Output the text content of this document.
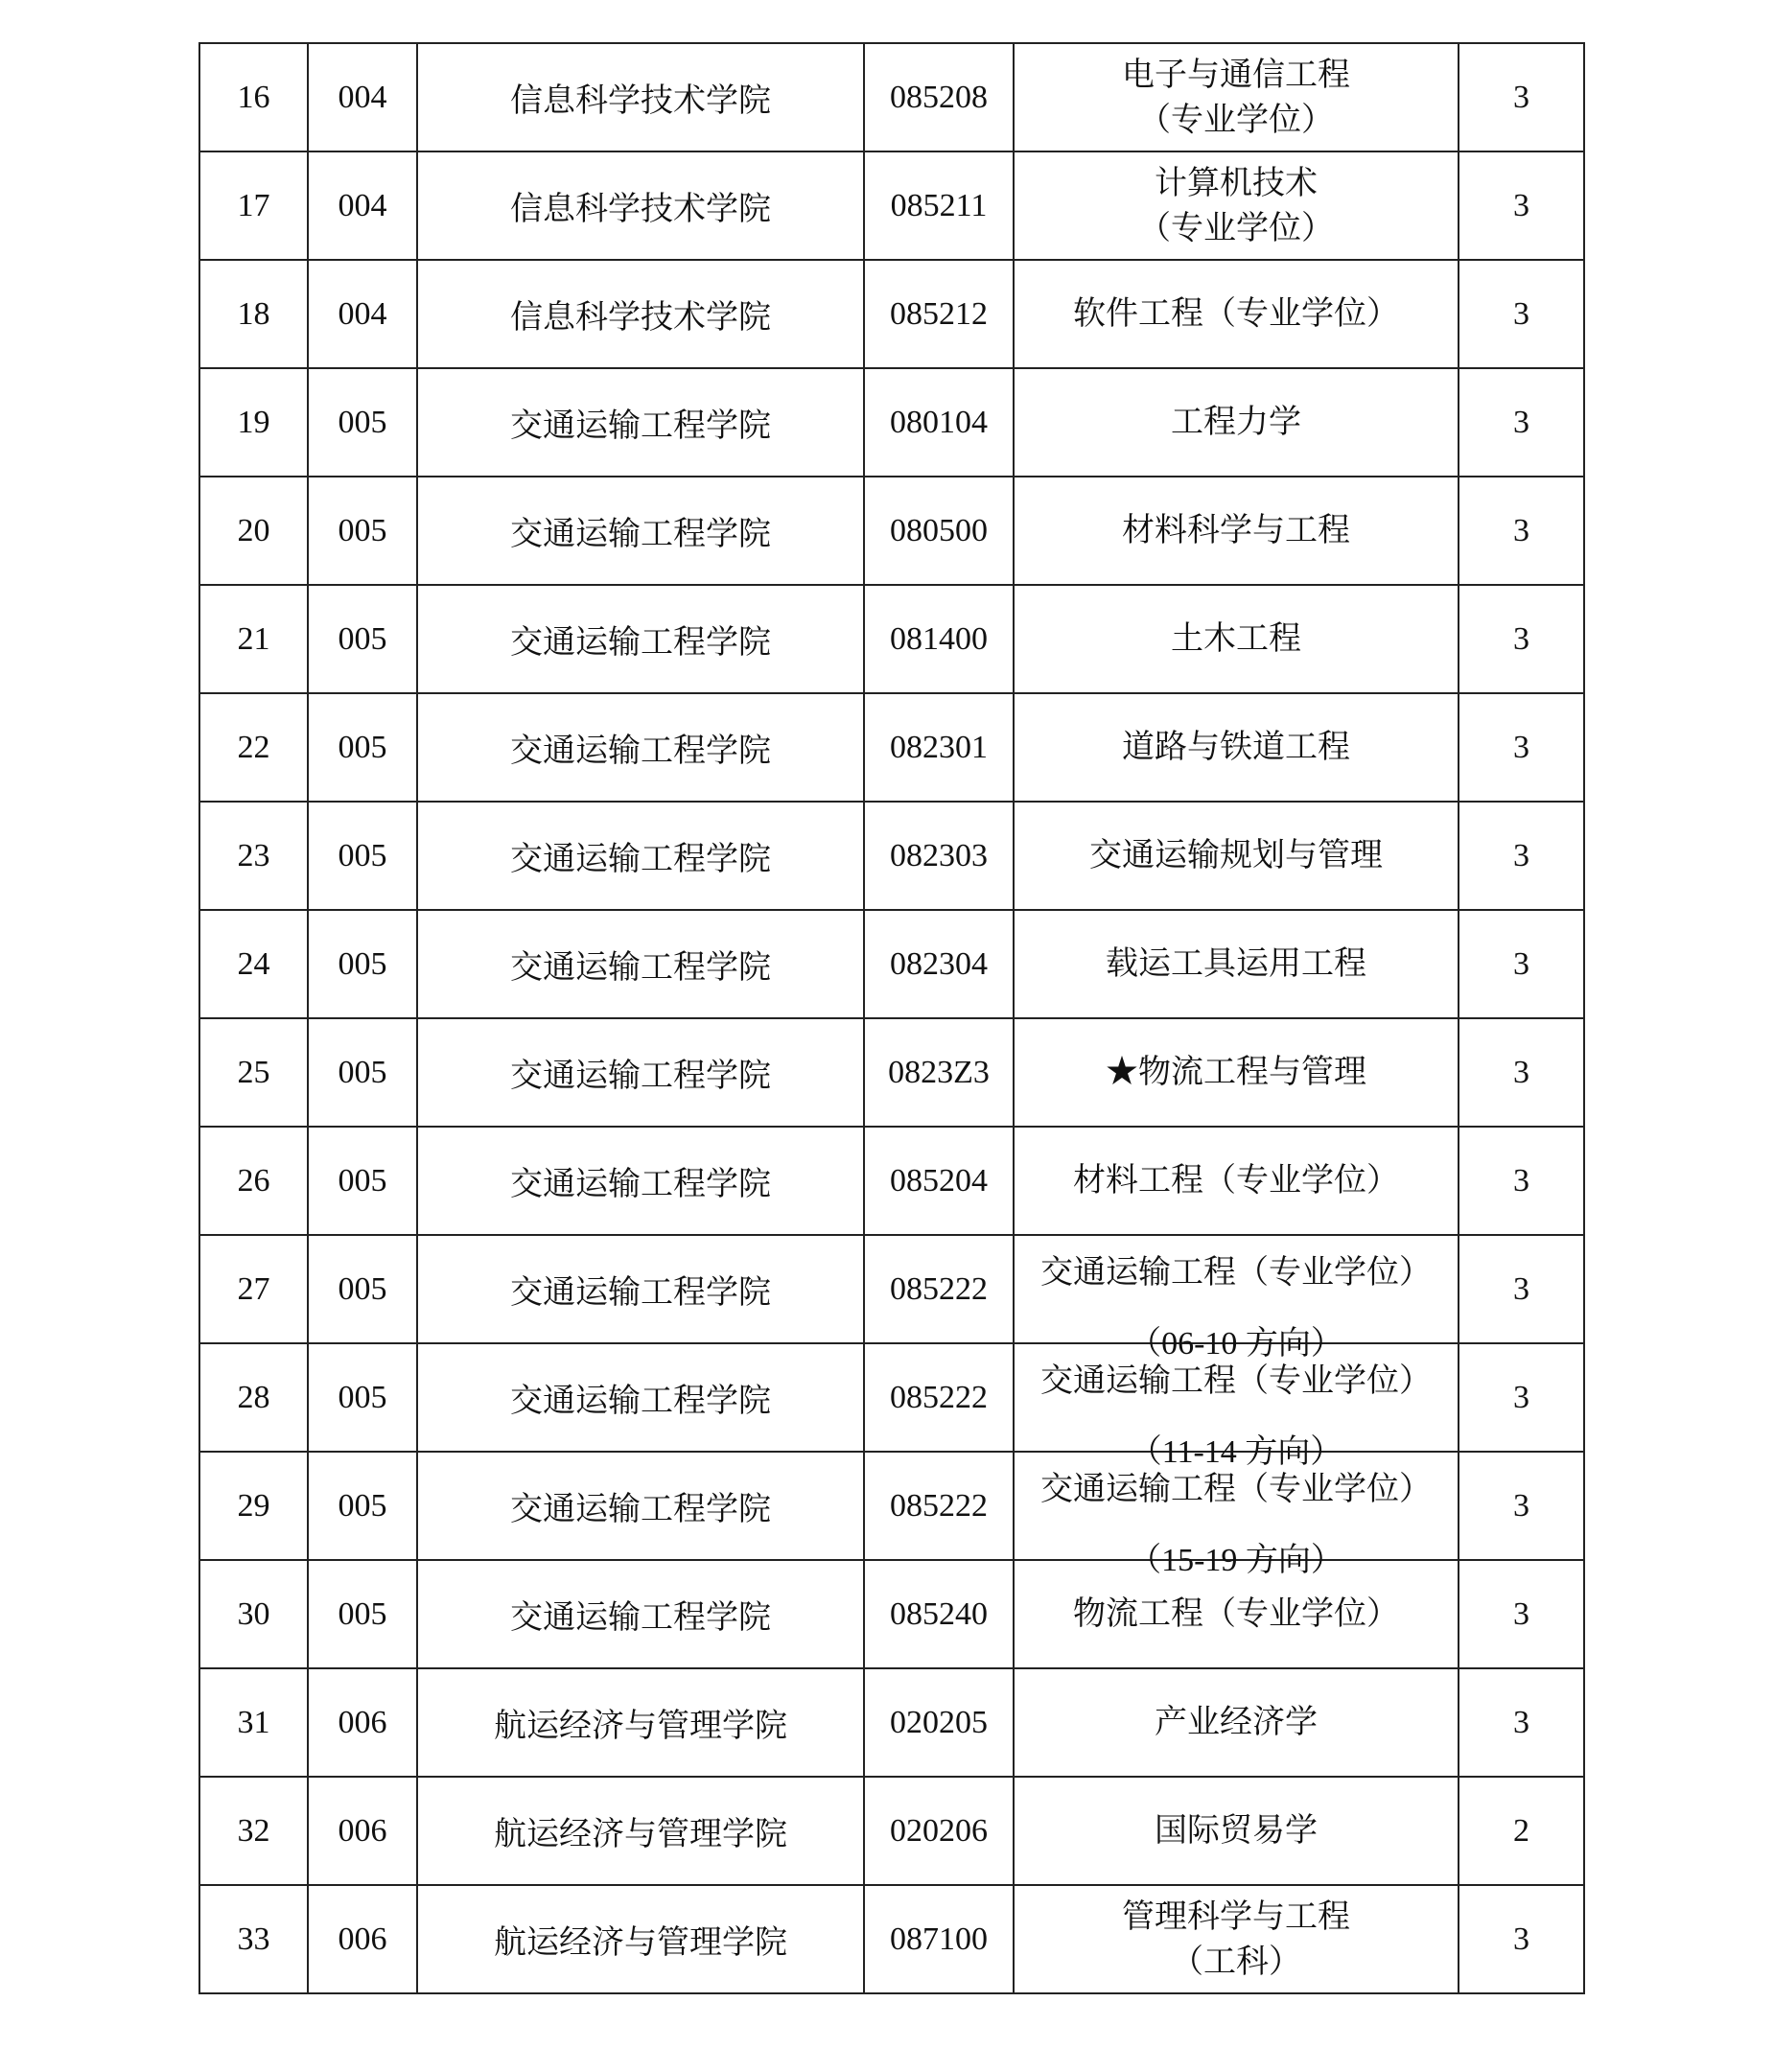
16	004	信息科学技术学院	085208	电子与通信工程
（专业学位）	3
17	004	信息科学技术学院	085211	计算机技术
（专业学位）	3
18	004	信息科学技术学院	085212	软件工程（专业学位）	3
19	005	交通运输工程学院	080104	工程力学	3
20	005	交通运输工程学院	080500	材料科学与工程	3
21	005	交通运输工程学院	081400	土木工程	3
22	005	交通运输工程学院	082301	道路与铁道工程	3
23	005	交通运输工程学院	082303	交通运输规划与管理	3
24	005	交通运输工程学院	082304	载运工具运用工程	3
25	005	交通运输工程学院	0823Z3	★物流工程与管理	3
26	005	交通运输工程学院	085204	材料工程（专业学位）	3
27	005	交通运输工程学院	085222	交通运输工程（专业学位）
（06-10 方向）	3
28	005	交通运输工程学院	085222	交通运输工程（专业学位）
（11-14 方向）	3
29	005	交通运输工程学院	085222	交通运输工程（专业学位）
（15-19 方向）	3
30	005	交通运输工程学院	085240	物流工程（专业学位）	3
31	006	航运经济与管理学院	020205	产业经济学	3
32	006	航运经济与管理学院	020206	国际贸易学	2
33	006	航运经济与管理学院	087100	管理科学与工程
（工科）	3
